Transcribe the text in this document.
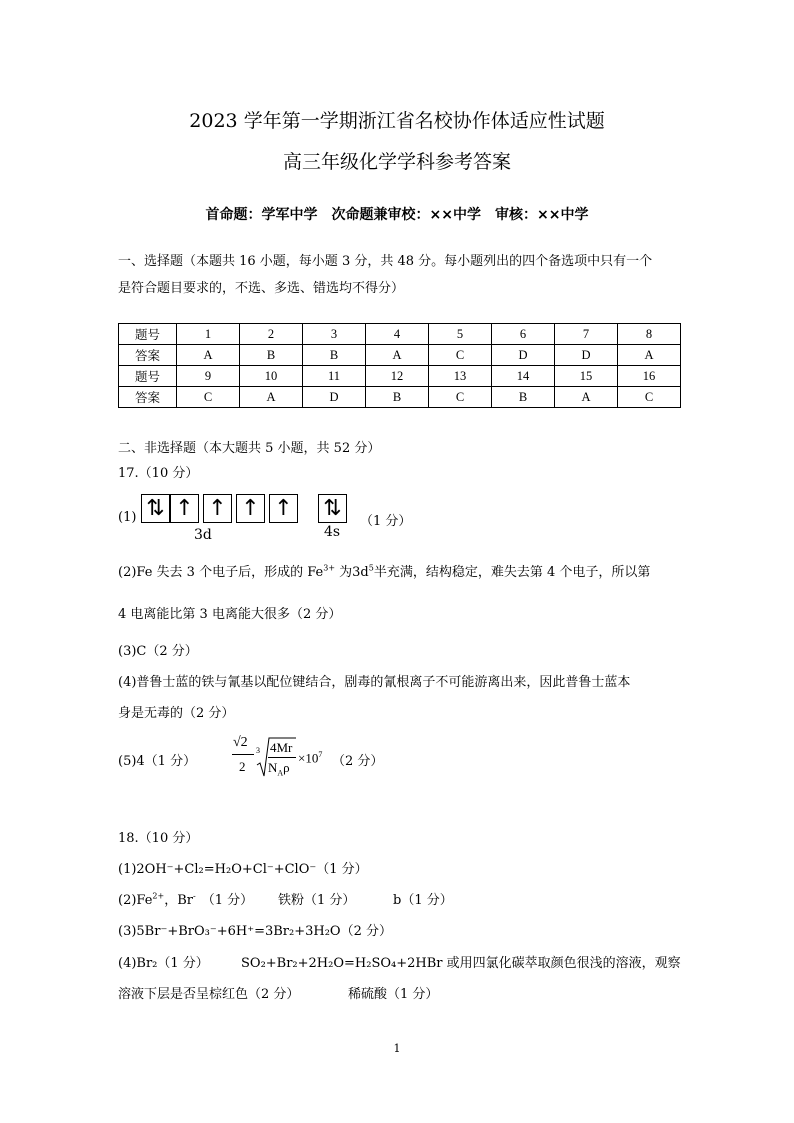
2023 学年第一学期浙江省名校协作体适应性试题
高三年级化学学科参考答案
首命题：学军中学　次命题兼审校：××中学　审核：××中学
一、选择题（本题共 16 小题，每小题 3 分，共 48 分。每小题列出的四个备选项中只有一个
是符合题目要求的，不选、多选、错选均不得分）
题号	1	2	3	4	5	6	7	8
答案	A	B	B	A	C	D	D	A
题号	9	10	11	12	13	14	15	16
答案	C	A	D	B	C	B	A	C
二、非选择题（本大题共 5 小题，共 52 分）
17.（10 分）
(1) ⇅ ↑ ↑ ↑ ↑ ⇅
3d	4s
（1 分）
(2)Fe 失去 3 个电子后，形成的 $Fe^{3+}$ 为$3d^5$半充满，结构稳定，难失去第 4 个电子，所以第
4 电离能比第 3 电离能大很多（2 分）
(3)C（2 分）
(4)普鲁士蓝的铁与氰基以配位键结合，剧毒的氰根离子不可能游离出来，因此普鲁士蓝本
身是无毒的（2 分）
(5)4（1 分）
√2
2
3 4Mr
$N_A\rho$
$\times 10^7$ （2 分）
18.（10 分）
(1)2OH⁻+Cl₂=H₂O+Cl⁻+ClO⁻（1 分）
$(2)Fe^{2+}$，Br- （1 分） 铁粉（1 分）	b（1 分）
(3)5Br⁻+BrO₃⁻+6H⁺=3Br₂+3H₂O（2 分）
(4)Br₂（1 分） SO₂+Br₂+2H₂O=H₂SO₄+2HBr 或用四氯化碳萃取颜色很浅的溶液，观察
溶液下层是否呈棕红色（2 分）	稀硫酸（1 分）
1
